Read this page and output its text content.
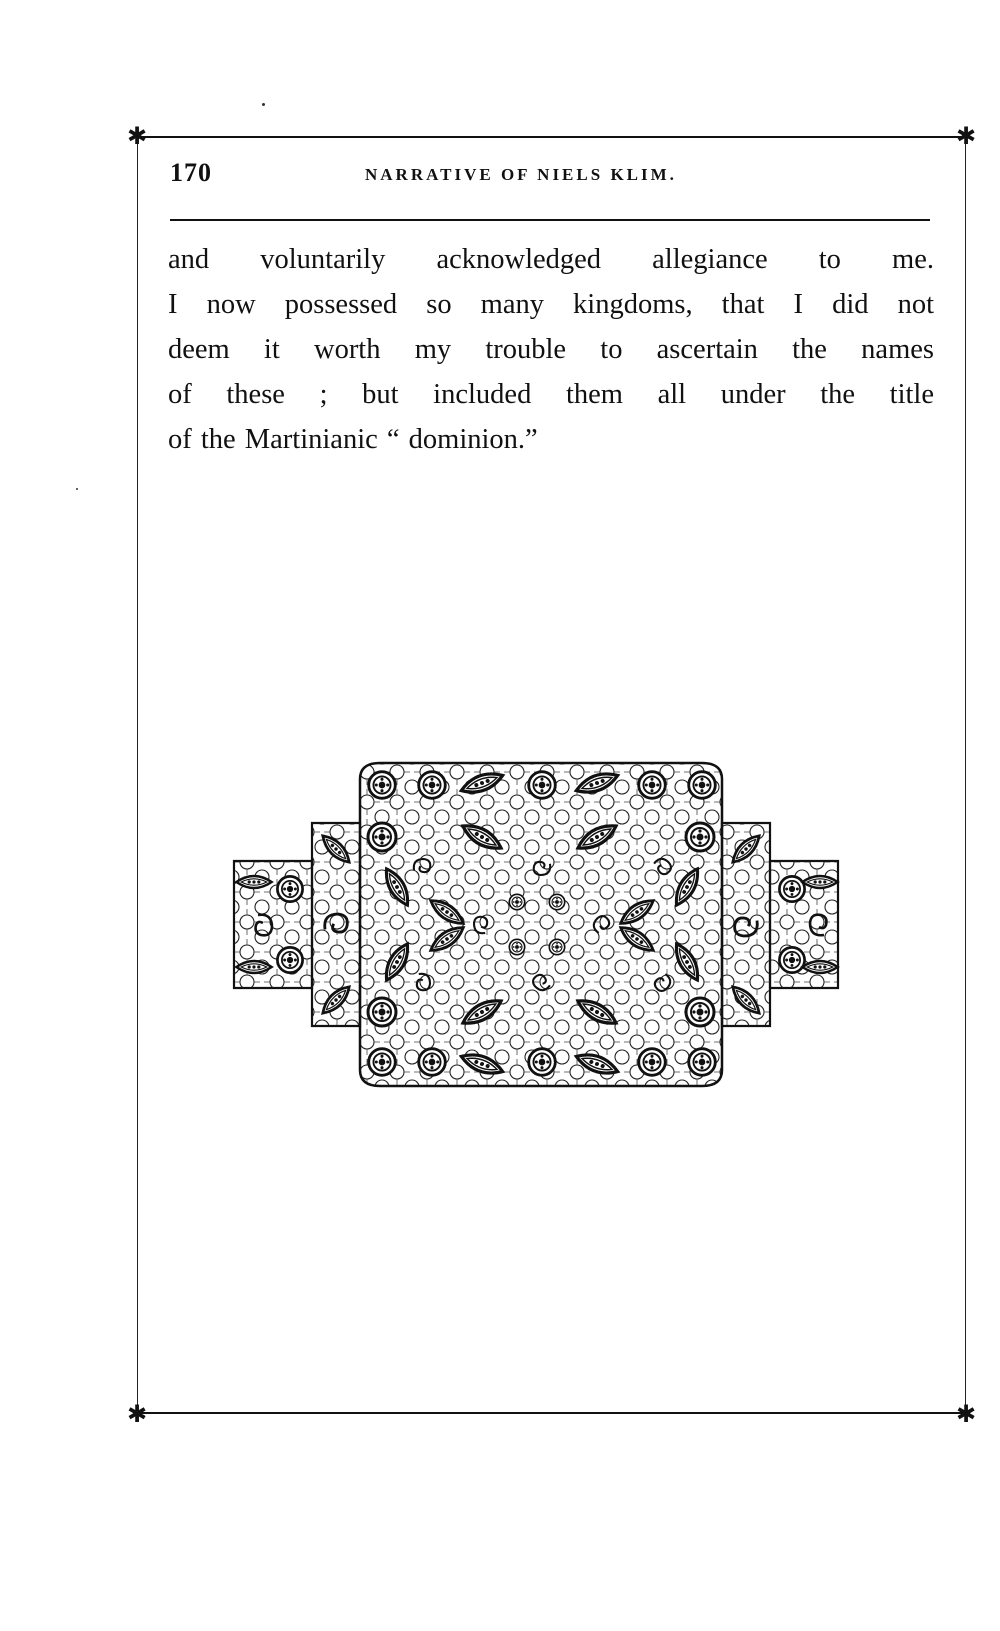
✱	✱
✱	✱
170	NARRATIVE OF NIELS KLIM.
and voluntarily acknowledged allegiance to me.
I now possessed so many kingdoms, that I did not
deem it worth my trouble to ascertain the names
of these ; but included them all under the title
of the Martinianic “ dominion.”
